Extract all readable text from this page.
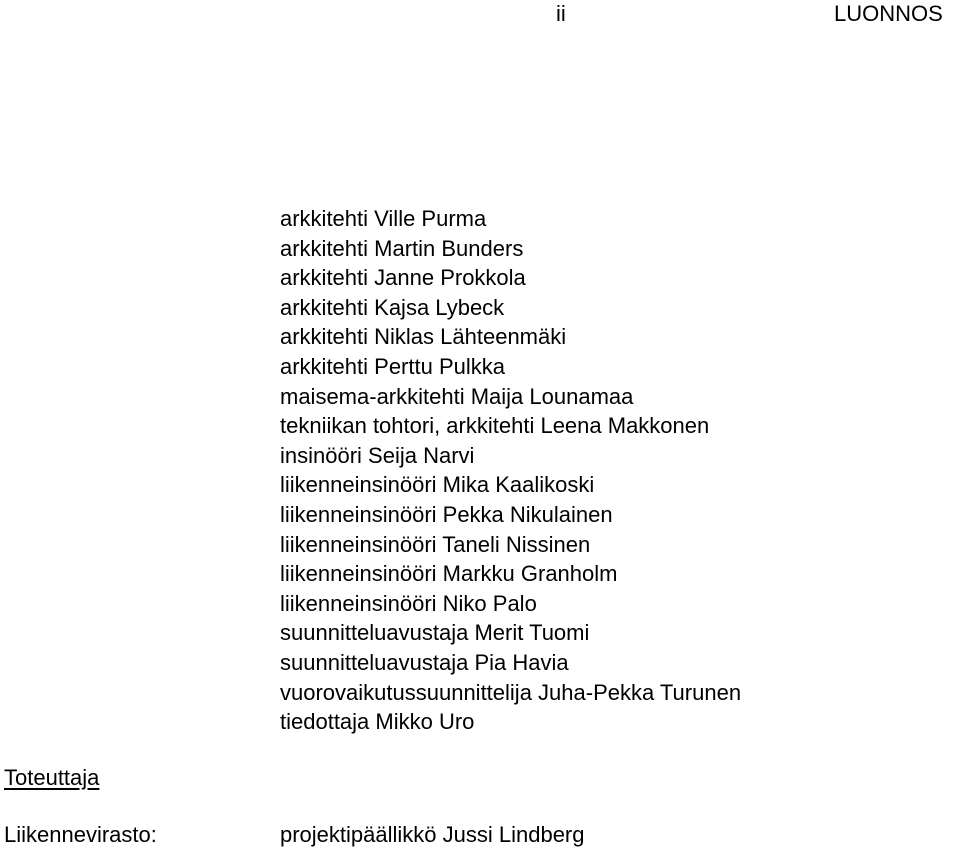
ii	LUONNOS
arkkitehti Ville Purma
arkkitehti Martin Bunders
arkkitehti Janne Prokkola
arkkitehti Kajsa Lybeck
arkkitehti Niklas Lähteenmäki
arkkitehti Perttu Pulkka
maisema-arkkitehti Maija Lounamaa
tekniikan tohtori, arkkitehti Leena Makkonen
insinööri Seija Narvi
liikenneinsinööri Mika Kaalikoski
liikenneinsinööri Pekka Nikulainen
liikenneinsinööri Taneli Nissinen
liikenneinsinööri Markku Granholm
liikenneinsinööri Niko Palo
suunnitteluavustaja Merit Tuomi
suunnitteluavustaja Pia Havia
vuorovaikutussuunnittelija Juha-Pekka Turunen
tiedottaja Mikko Uro
Toteuttaja
Liikennevirasto:	projektipäällikkö Jussi Lindberg
